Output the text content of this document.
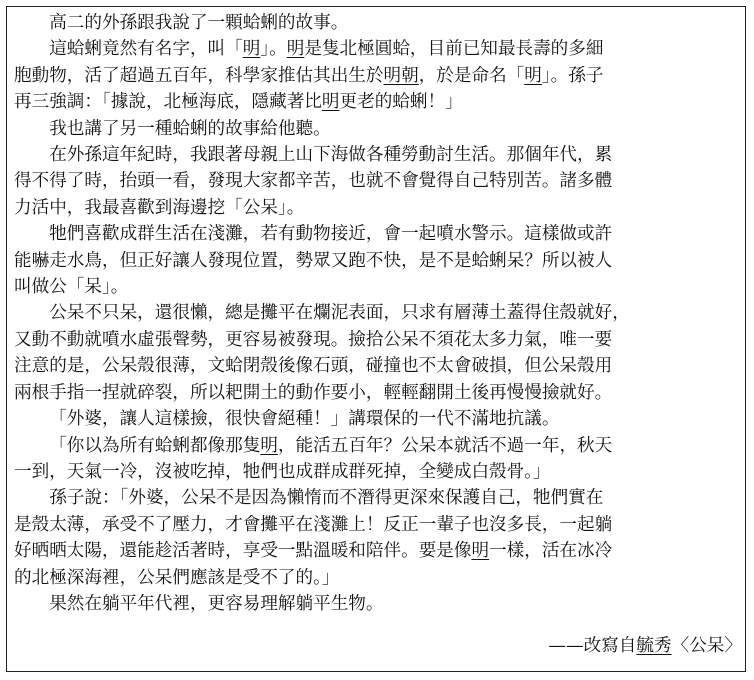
高二的外孫跟我說了一顆蛤蜊的故事。
這蛤蜊竟然有名字，叫「明」。明是隻北極圓蛤，目前已知最長壽的多細
胞動物，活了超過五百年，科學家推估其出生於明朝，於是命名「明」。孫子
再三強調：「據說，北極海底，隱藏著比明更老的蛤蜊！」
我也講了另一種蛤蜊的故事給他聽。
在外孫這年紀時，我跟著母親上山下海做各種勞動討生活。那個年代，累
得不得了時，抬頭一看，發現大家都辛苦，也就不會覺得自己特別苦。諸多體
力活中，我最喜歡到海邊挖「公呆」。
牠們喜歡成群生活在淺灘，若有動物接近，會一起噴水警示。這樣做或許
能嚇走水鳥，但正好讓人發現位置，勢眾又跑不快，是不是蛤蜊呆？所以被人
叫做公「呆」。
公呆不只呆，還很懶，總是攤平在爛泥表面，只求有層薄土蓋得住殼就好，
又動不動就噴水虛張聲勢，更容易被發現。撿拾公呆不須花太多力氣，唯一要
注意的是，公呆殼很薄，文蛤閉殼後像石頭，碰撞也不太會破損，但公呆殼用
兩根手指一捏就碎裂，所以耙開土的動作要小，輕輕翻開土後再慢慢撿就好。
「外婆，讓人這樣撿，很快會絕種！」講環保的一代不滿地抗議。
「你以為所有蛤蜊都像那隻明，能活五百年？公呆本就活不過一年，秋天
一到，天氣一冷，沒被吃掉，牠們也成群成群死掉，全變成白殼骨。」
孫子說：「外婆，公呆不是因為懶惰而不潛得更深來保護自己，牠們實在
是殼太薄，承受不了壓力，才會攤平在淺灘上！反正一輩子也沒多長，一起躺
好晒晒太陽，還能趁活著時，享受一點溫暖和陪伴。要是像明一樣，活在冰冷
的北極深海裡，公呆們應該是受不了的。」
果然在躺平年代裡，更容易理解躺平生物。
——改寫自毓秀〈公呆〉
